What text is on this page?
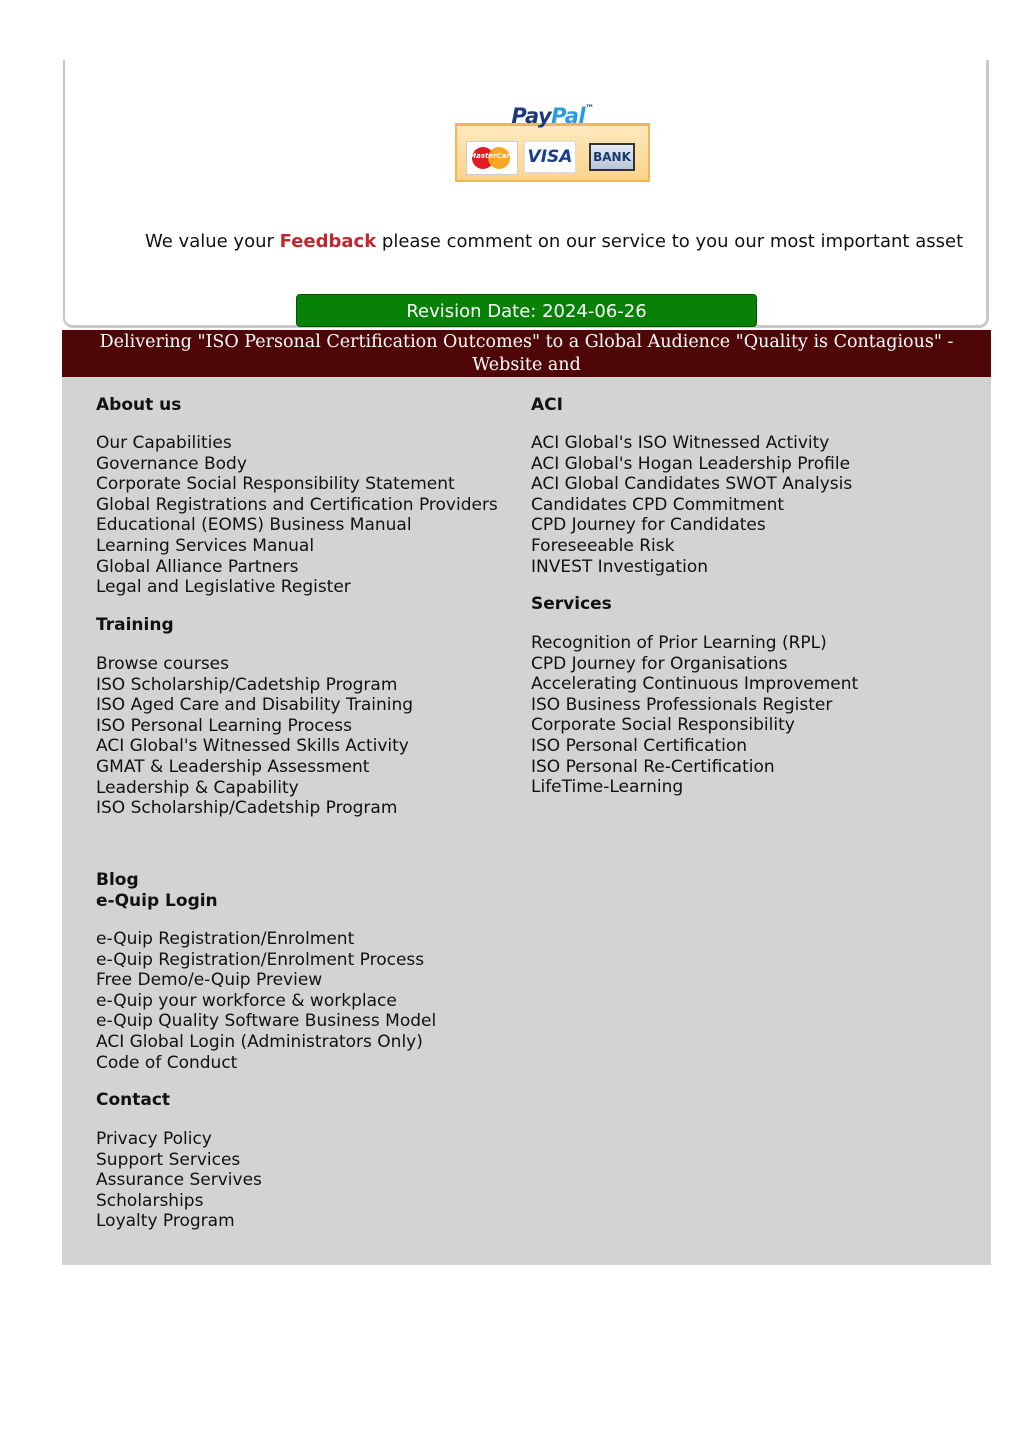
PayPal™
MasterCard VISA	BANK

We value your Feedback please comment on our service to you our most important asset

Revision Date: 2024-06-26
Delivering "ISO Personal Certification Outcomes" to a Global Audience "Quality is Contagious" - Website and
About us
Our Capabilities
Governance Body
Corporate Social Responsibility Statement
Global Registrations and Certification Providers
Educational (EOMS) Business Manual
Learning Services Manual
Global Alliance Partners
Legal and Legislative Register
Training
Browse courses
ISO Scholarship/Cadetship Program
ISO Aged Care and Disability Training
ISO Personal Learning Process
ACI Global's Witnessed Skills Activity
GMAT & Leadership Assessment
Leadership & Capability
ISO Scholarship/Cadetship Program
Blog
e-Quip Login
e-Quip Registration/Enrolment
e-Quip Registration/Enrolment Process
Free Demo/e-Quip Preview
e-Quip your workforce & workplace
e-Quip Quality Software Business Model
ACI Global Login (Administrators Only)
Code of Conduct
Contact
Privacy Policy
Support Services
Assurance Servives
Scholarships
Loyalty Program
ACI
ACI Global's ISO Witnessed Activity
ACI Global's Hogan Leadership Profile
ACI Global Candidates SWOT Analysis
Candidates CPD Commitment
CPD Journey for Candidates
Foreseeable Risk
INVEST Investigation
Services
Recognition of Prior Learning (RPL)
CPD Journey for Organisations
Accelerating Continuous Improvement
ISO Business Professionals Register
Corporate Social Responsibility
ISO Personal Certification
ISO Personal Re-Certification
LifeTime-Learning
